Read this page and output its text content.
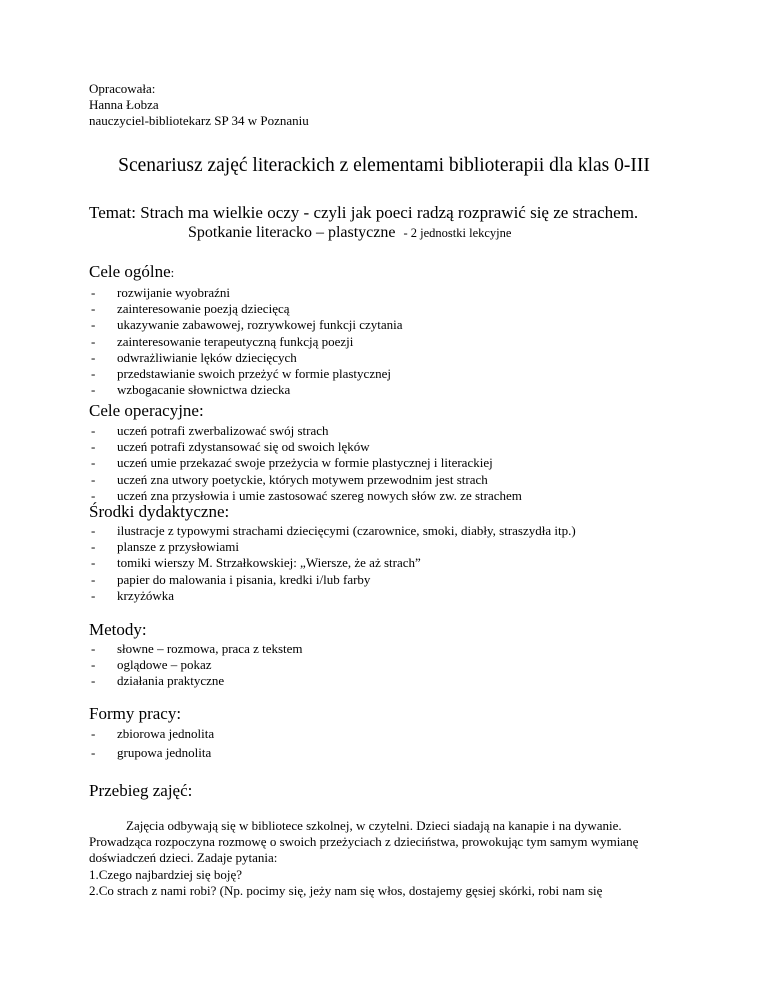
Opracowała:
Hanna Łobza
nauczyciel-bibliotekarz SP 34 w Poznaniu
Scenariusz zajęć literackich z elementami biblioterapii dla klas 0-III
Temat: Strach ma wielkie oczy - czyli jak poeci radzą rozprawić się ze strachem.
Spotkanie literacko – plastyczne - 2 jednostki lekcyjne
Cele ogólne:
- rozwijanie wyobraźni
- zainteresowanie poezją dziecięcą
- ukazywanie zabawowej, rozrywkowej funkcji czytania
- zainteresowanie terapeutyczną funkcją poezji
- odwrażliwianie lęków dziecięcych
- przedstawianie swoich przeżyć w formie plastycznej
- wzbogacanie słownictwa dziecka
Cele operacyjne:
- uczeń potrafi zwerbalizować swój strach
- uczeń potrafi zdystansować się od swoich lęków
- uczeń umie przekazać swoje przeżycia w formie plastycznej i literackiej
- uczeń zna utwory poetyckie, których motywem przewodnim jest strach
- uczeń zna przysłowia i umie zastosować szereg nowych słów zw. ze strachem
Środki dydaktyczne:
- ilustracje z typowymi strachami dziecięcymi (czarownice, smoki, diabły, straszydła itp.)
- plansze z przysłowiami
- tomiki wierszy M. Strzałkowskiej: „Wiersze, że aż strach”
- papier do malowania i pisania, kredki i/lub farby
- krzyżówka
Metody:
- słowne – rozmowa, praca z tekstem
- oglądowe – pokaz
- działania praktyczne
Formy pracy:
- zbiorowa jednolita
- grupowa jednolita
Przebieg zajęć:

Zajęcia odbywają się w bibliotece szkolnej, w czytelni. Dzieci siadają na kanapie i na dywanie.

Prowadząca rozpoczyna rozmowę o swoich przeżyciach z dzieciństwa, prowokując tym samym wymianę

doświadczeń dzieci. Zadaje pytania:

1.Czego najbardziej się boję?

2.Co strach z nami robi? (Np. pocimy się, jeży nam się włos, dostajemy gęsiej skórki, robi nam się
